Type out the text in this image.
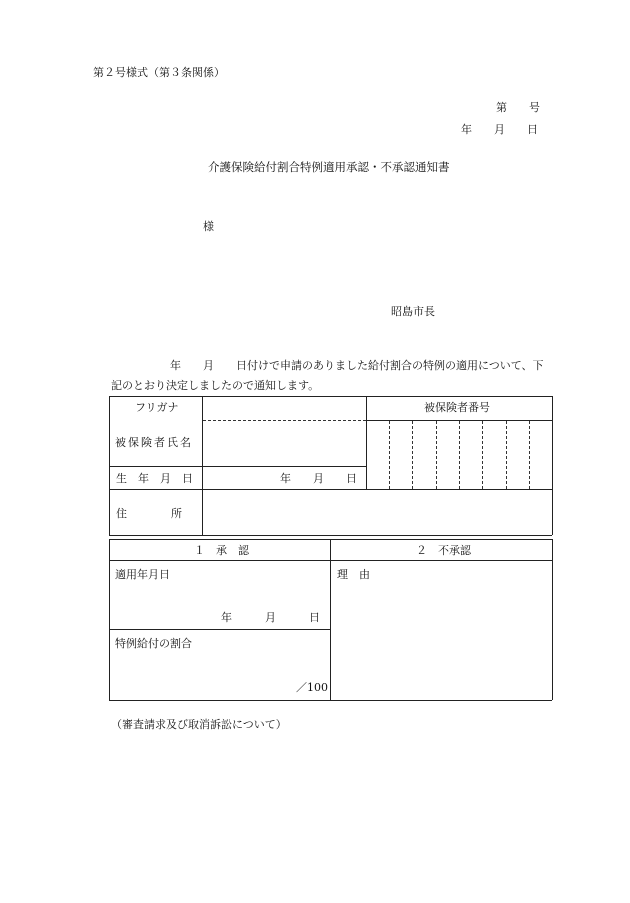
第２号様式（第３条関係）
第　　号
年　　月　　日
介護保険給付割合特例適用承認・不承認通知書
様
昭島市長
年　　月　　日付けで申請のありました給付割合の特例の適用について、下
記のとおり決定しましたので通知します。
フリガナ
被保険者氏名
被保険者番号
生　年　月　日	年　　月　　日
住　　　　所
１　承　認	２　不承認
適用年月日
年　　　月　　　日
特例給付の割合
／100
理　由
（審査請求及び取消訴訟について）
